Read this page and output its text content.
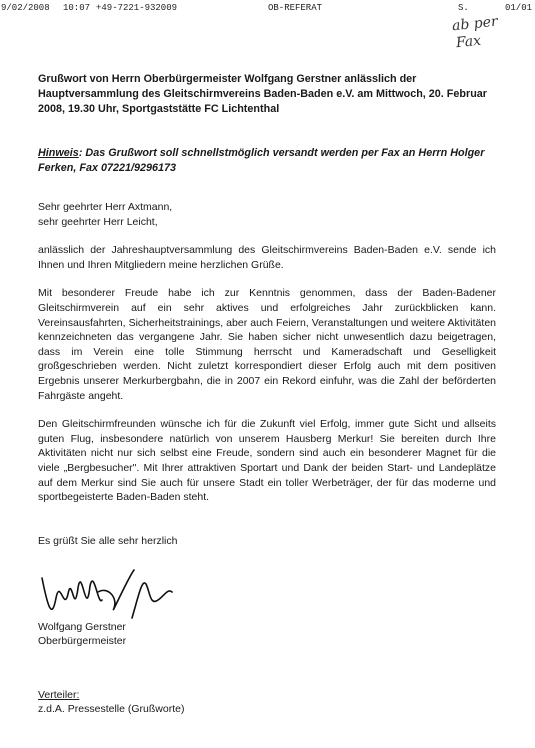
9/02/2008 10:07 +49-7221-932009	OB-REFERAT	S.	01/01
ab per
Fax
Grußwort von Herrn Oberbürgermeister Wolfgang Gerstner anlässlich der Hauptversammlung des Gleitschirmvereins Baden-Baden e.V. am Mittwoch, 20. Februar 2008, 19.30 Uhr, Sportgaststätte FC Lichtenthal
Hinweis: Das Grußwort soll schnellstmöglich versandt werden per Fax an Herrn Holger Ferken, Fax 07221/9296173

Sehr geehrter Herr Axtmann,
sehr geehrter Herr Leicht,

anlässlich der Jahreshauptversammlung des Gleitschirmvereins Baden-Baden e.V. sende ich Ihnen und Ihren Mitgliedern meine herzlichen Grüße.

Mit besonderer Freude habe ich zur Kenntnis genommen, dass der Baden-Badener Gleitschirmverein auf ein sehr aktives und erfolgreiches Jahr zurückblicken kann. Vereinsausfahrten, Sicherheitstrainings, aber auch Feiern, Veranstaltungen und weitere Aktivitäten kennzeichneten das vergangene Jahr. Sie haben sicher nicht unwesentlich dazu beigetragen, dass im Verein eine tolle Stimmung herrscht und Kameradschaft und Geselligkeit großgeschrieben werden. Nicht zuletzt korrespondiert dieser Erfolg auch mit dem positiven Ergebnis unserer Merkurbergbahn, die in 2007 ein Rekord einfuhr, was die Zahl der beförderten Fahrgäste angeht.

Den Gleitschirmfreunden wünsche ich für die Zukunft viel Erfolg, immer gute Sicht und allseits guten Flug, insbesondere natürlich von unserem Hausberg Merkur! Sie bereiten durch Ihre Aktivitäten nicht nur sich selbst eine Freude, sondern sind auch ein besonderer Magnet für die viele „Bergbesucher". Mit Ihrer attraktiven Sportart und Dank der beiden Start- und Landeplätze auf dem Merkur sind Sie auch für unsere Stadt ein toller Werbeträger, der für das moderne und sportbegeisterte Baden-Baden steht.

Es grüßt Sie alle sehr herzlich
Wolfgang Gerstner
Oberbürgermeister
Verteiler:
z.d.A. Pressestelle (Grußworte)
